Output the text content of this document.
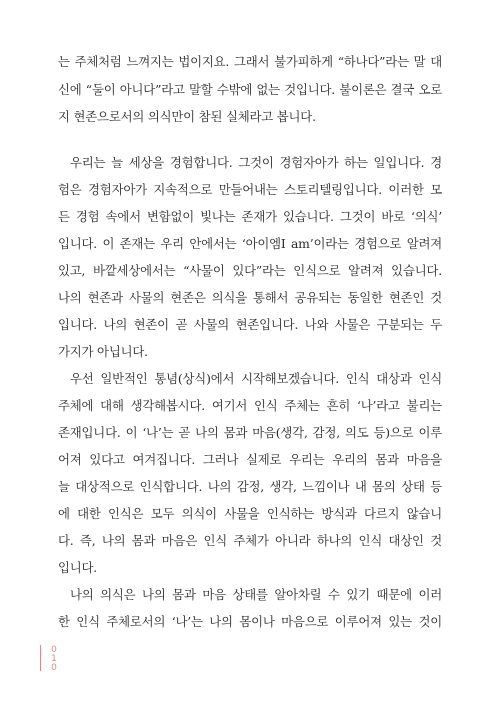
는 주체처럼 느껴지는 법이지요. 그래서 불가피하게 “하나다”라는 말 대
신에 “둘이 아니다”라고 말할 수밖에 없는 것입니다. 불이론은 결국 오로
지 현존으로서의 의식만이 참된 실체라고 봅니다.
우리는 늘 세상을 경험합니다. 그것이 경험자아가 하는 일입니다. 경
험은 경험자아가 지속적으로 만들어내는 스토리텔링입니다. 이러한 모
든 경험 속에서 변함없이 빛나는 존재가 있습니다. 그것이 바로 ‘의식’
입니다. 이 존재는 우리 안에서는 ‘아이엠I am’이라는 경험으로 알려져
있고, 바깥세상에서는 “사물이 있다”라는 인식으로 알려져 있습니다.
나의 현존과 사물의 현존은 의식을 통해서 공유되는 동일한 현존인 것
입니다. 나의 현존이 곧 사물의 현존입니다. 나와 사물은 구분되는 두
가지가 아닙니다.
우선 일반적인 통념(상식)에서 시작해보겠습니다. 인식 대상과 인식
주체에 대해 생각해봅시다. 여기서 인식 주체는 흔히 ‘나’라고 불리는
존재입니다. 이 ‘나’는 곧 나의 몸과 마음(생각, 감정, 의도 등)으로 이루
어져 있다고 여겨집니다. 그러나 실제로 우리는 우리의 몸과 마음을
늘 대상적으로 인식합니다. 나의 감정, 생각, 느낌이나 내 몸의 상태 등
에 대한 인식은 모두 의식이 사물을 인식하는 방식과 다르지 않습니
다. 즉, 나의 몸과 마음은 인식 주체가 아니라 하나의 인식 대상인 것
입니다.
나의 의식은 나의 몸과 마음 상태를 알아차릴 수 있기 때문에 이러
한 인식 주체로서의 ‘나’는 나의 몸이나 마음으로 이루어져 있는 것이
010
